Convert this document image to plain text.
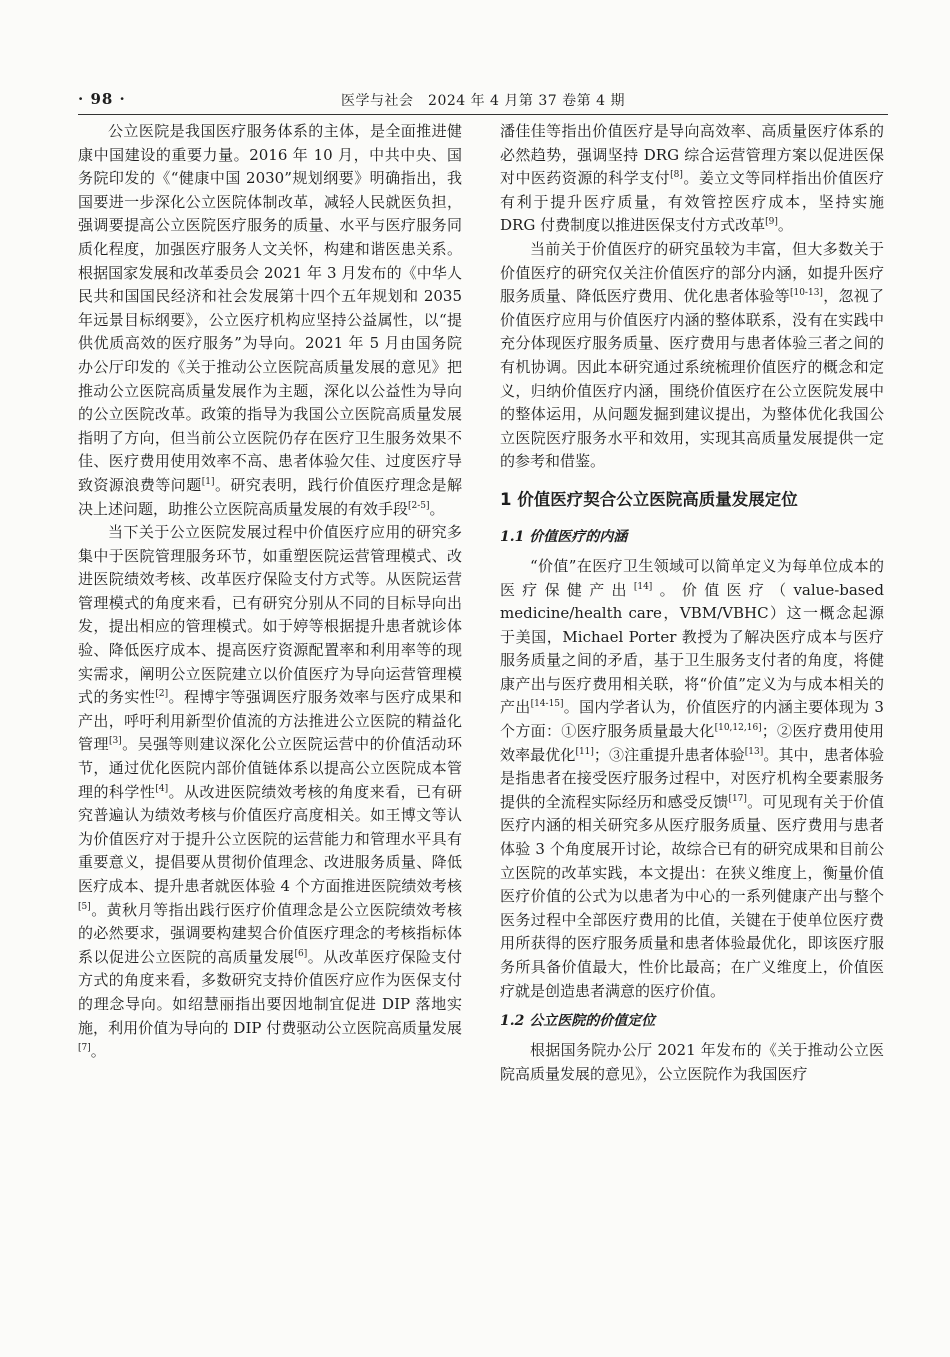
· 98 ·	医学与社会　2024 年 4 月第 37 卷第 4 期

公立医院是我国医疗服务体系的主体，是全面推进健康中国建设的重要力量。2016 年 10 月，中共中央、国务院印发的《“健康中国 2030”规划纲要》明确指出，我国要进一步深化公立医院体制改革，减轻人民就医负担，强调要提高公立医院医疗服务的质量、水平与医疗服务同质化程度，加强医疗服务人文关怀，构建和谐医患关系。根据国家发展和改革委员会 2021 年 3 月发布的《中华人民共和国国民经济和社会发展第十四个五年规划和 2035 年远景目标纲要》，公立医疗机构应坚持公益属性，以“提供优质高效的医疗服务”为导向。2021 年 5 月由国务院办公厅印发的《关于推动公立医院高质量发展的意见》把推动公立医院高质量发展作为主题，深化以公益性为导向的公立医院改革。政策的指导为我国公立医院高质量发展指明了方向，但当前公立医院仍存在医疗卫生服务效果不佳、医疗费用使用效率不高、患者体验欠佳、过度医疗导致资源浪费等问题[1]。研究表明，践行价值医疗理念是解决上述问题，助推公立医院高质量发展的有效手段[2-5]。

当下关于公立医院发展过程中价值医疗应用的研究多集中于医院管理服务环节，如重塑医院运营管理模式、改进医院绩效考核、改革医疗保险支付方式等。从医院运营管理模式的角度来看，已有研究分别从不同的目标导向出发，提出相应的管理模式。如于婷等根据提升患者就诊体验、降低医疗成本、提高医疗资源配置率和利用率等的现实需求，阐明公立医院建立以价值医疗为导向运营管理模式的务实性[2]。程博宇等强调医疗服务效率与医疗成果和产出，呼吁利用新型价值流的方法推进公立医院的精益化管理[3]。吴强等则建议深化公立医院运营中的价值活动环节，通过优化医院内部价值链体系以提高公立医院成本管理的科学性[4]。从改进医院绩效考核的角度来看，已有研究普遍认为绩效考核与价值医疗高度相关。如王博文等认为价值医疗对于提升公立医院的运营能力和管理水平具有重要意义，提倡要从贯彻价值理念、改进服务质量、降低医疗成本、提升患者就医体验 4 个方面推进医院绩效考核[5]。黄秋月等指出践行医疗价值理念是公立医院绩效考核的必然要求，强调要构建契合价值医疗理念的考核指标体系以促进公立医院的高质量发展[6]。从改革医疗保险支付方式的角度来看，多数研究支持价值医疗应作为医保支付的理念导向。如绍慧丽指出要因地制宜促进 DIP 落地实施，利用价值为导向的 DIP 付费驱动公立医院高质量发展[7]。

潘佳佳等指出价值医疗是导向高效率、高质量医疗体系的必然趋势，强调坚持 DRG 综合运营管理方案以促进医保对中医药资源的科学支付[8]。姜立文等同样指出价值医疗有利于提升医疗质量，有效管控医疗成本，坚持实施 DRG 付费制度以推进医保支付方式改革[9]。

当前关于价值医疗的研究虽较为丰富，但大多数关于价值医疗的研究仅关注价值医疗的部分内涵，如提升医疗服务质量、降低医疗费用、优化患者体验等[10-13]，忽视了价值医疗应用与价值医疗内涵的整体联系，没有在实践中充分体现医疗服务质量、医疗费用与患者体验三者之间的有机协调。因此本研究通过系统梳理价值医疗的概念和定义，归纳价值医疗内涵，围绕价值医疗在公立医院发展中的整体运用，从问题发掘到建议提出，为整体优化我国公立医院医疗服务水平和效用，实现其高质量发展提供一定的参考和借鉴。

1 价值医疗契合公立医院高质量发展定位
1.1 价值医疗的内涵

“价值”在医疗卫生领域可以简单定义为每单位成本的医疗保健产出[14]。价值医疗（value-based medicine/health care，VBM/VBHC）这一概念起源于美国，Michael Porter 教授为了解决医疗成本与医疗服务质量之间的矛盾，基于卫生服务支付者的角度，将健康产出与医疗费用相关联，将“价值”定义为与成本相关的产出[14-15]。国内学者认为，价值医疗的内涵主要体现为 3 个方面：①医疗服务质量最大化[10,12,16]；②医疗费用使用效率最优化[11]；③注重提升患者体验[13]。其中，患者体验是指患者在接受医疗服务过程中，对医疗机构全要素服务提供的全流程实际经历和感受反馈[17]。可见现有关于价值医疗内涵的相关研究多从医疗服务质量、医疗费用与患者体验 3 个角度展开讨论，故综合已有的研究成果和目前公立医院的改革实践，本文提出：在狭义维度上，衡量价值医疗价值的公式为以患者为中心的一系列健康产出与整个医务过程中全部医疗费用的比值，关键在于使单位医疗费用所获得的医疗服务质量和患者体验最优化，即该医疗服务所具备价值最大，性价比最高；在广义维度上，价值医疗就是创造患者满意的医疗价值。

1.2 公立医院的价值定位

根据国务院办公厅 2021 年发布的《关于推动公立医院高质量发展的意见》，公立医院作为我国医疗
